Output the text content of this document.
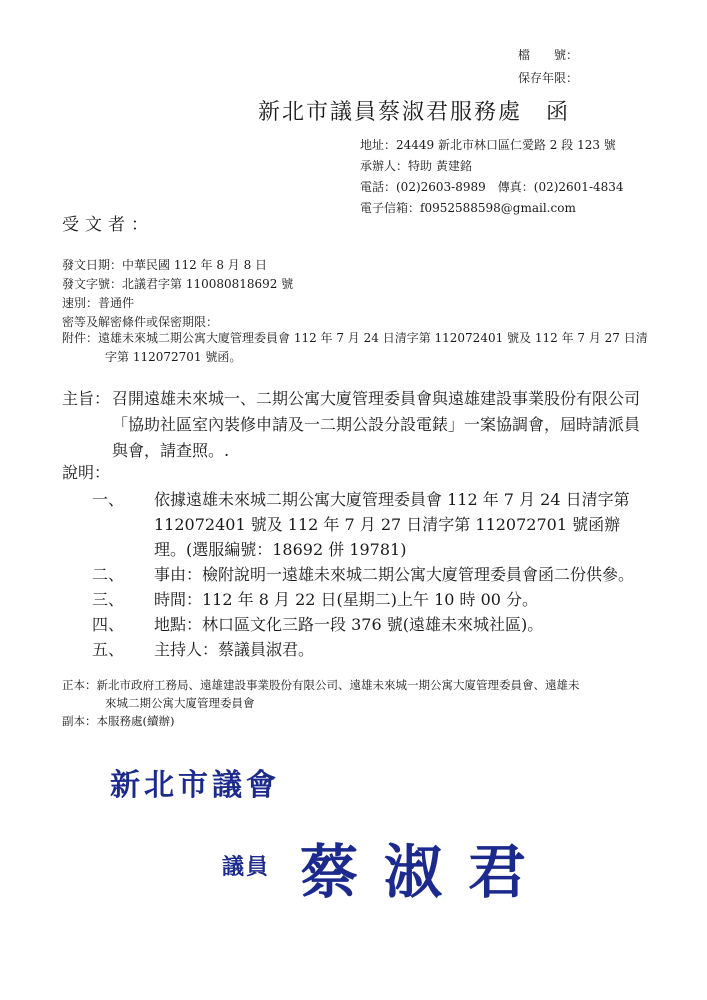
檔　　號：
保存年限：
新北市議員蔡淑君服務處　函
地址：24449 新北市林口區仁愛路 2 段 123 號
承辦人：特助 黃建銘
電話：(02)2603-8989　傳真：(02)2601-4834
電子信箱：f0952588598@gmail.com
受文者：
發文日期：中華民國 112 年 8 月 8 日
發文字號：北議君字第 110080818692 號
速別：普通件
密等及解密條件或保密期限：
附件：遠雄未來城二期公寓大廈管理委員會 112 年 7 月 24 日清字第 112072401 號及 112 年 7 月 27 日清
字第 112072701 號函。
主旨： 召開遠雄未來城一、二期公寓大廈管理委員會與遠雄建設事業股份有限公司「協助社區室內裝修申請及一二期公設分設電錶」一案協調會，屆時請派員與會，請查照。.
說明：
一、 依據遠雄未來城二期公寓大廈管理委員會 112 年 7 月 24 日清字第 112072401 號及 112 年 7 月 27 日清字第 112072701 號函辦理。(選服編號：18692 併 19781)
二、 事由：檢附說明一遠雄未來城二期公寓大廈管理委員會函二份供參。
三、 時間：112 年 8 月 22 日(星期二)上午 10 時 00 分。
四、 地點：林口區文化三路一段 376 號(遠雄未來城社區)。
五、 主持人：蔡議員淑君。
正本：新北市政府工務局、遠雄建設事業股份有限公司、遠雄未來城一期公寓大廈管理委員會、遠雄未
來城二期公寓大廈管理委員會
副本：本服務處(續辦)
新北市議會
議員 蔡淑君
